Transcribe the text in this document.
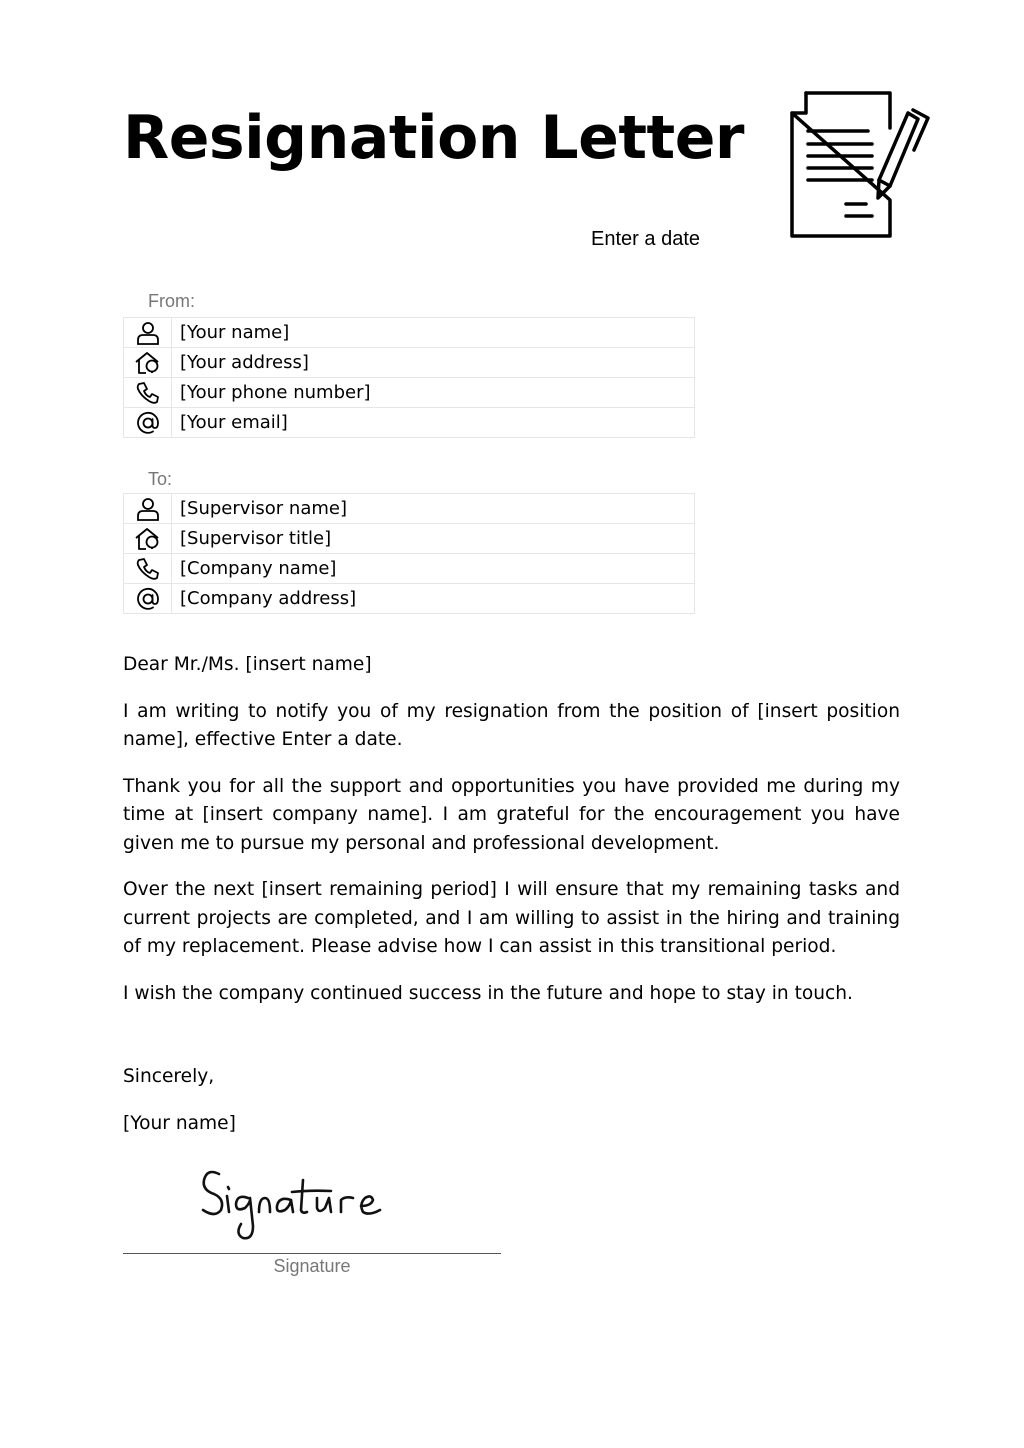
Resignation Letter
Enter a date
From:
	[Your name]

	[Your address]

	[Your phone number]

	[Your email]
To:
	[Supervisor name]

	[Supervisor title]

	[Company name]

	[Company address]

Dear Mr./Ms. [insert name]

I am writing to notify you of my resignation from the position of [insert position name], effective Enter a date.

Thank you for all the support and opportunities you have provided me during my time at [insert company name]. I am grateful for the encouragement you have given me to pursue my personal and professional development.

Over the next [insert remaining period] I will ensure that my remaining tasks and current projects are completed, and I am willing to assist in the hiring and training of my replacement. Please advise how I can assist in this transitional period.

I wish the company continued success in the future and hope to stay in touch.

Sincerely,

[Your name]

Signature
